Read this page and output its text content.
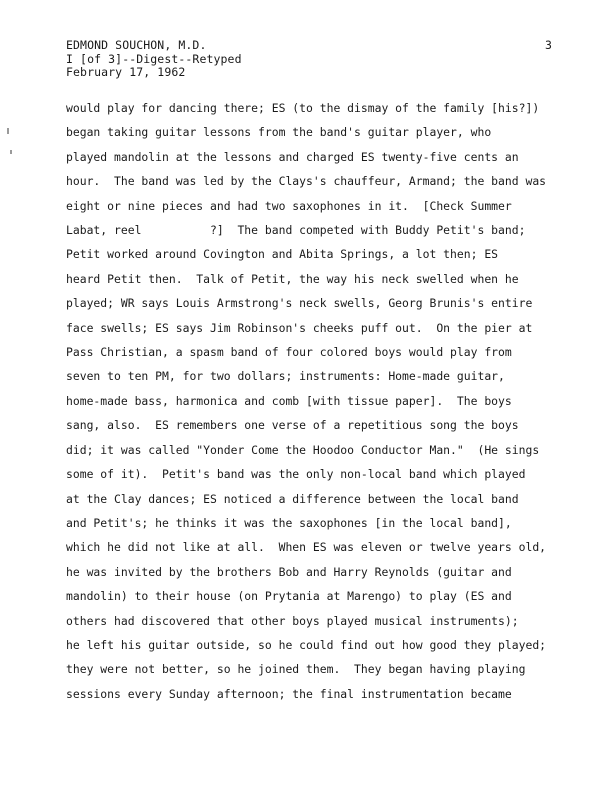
EDMOND SOUCHON, M.D.
I [of 3]--Digest--Retyped
February 17, 1962
3
would play for dancing there; ES (to the dismay of the family [his?])
began taking guitar lessons from the band's guitar player, who
played mandolin at the lessons and charged ES twenty-five cents an
hour.  The band was led by the Clays's chauffeur, Armand; the band was
eight or nine pieces and had two saxophones in it.  [Check Summer
Labat, reel          ?]  The band competed with Buddy Petit's band;
Petit worked around Covington and Abita Springs, a lot then; ES
heard Petit then.  Talk of Petit, the way his neck swelled when he
played; WR says Louis Armstrong's neck swells, Georg Brunis's entire
face swells; ES says Jim Robinson's cheeks puff out.  On the pier at
Pass Christian, a spasm band of four colored boys would play from
seven to ten PM, for two dollars; instruments: Home-made guitar,
home-made bass, harmonica and comb [with tissue paper].  The boys
sang, also.  ES remembers one verse of a repetitious song the boys
did; it was called "Yonder Come the Hoodoo Conductor Man."  (He sings
some of it).  Petit's band was the only non-local band which played
at the Clay dances; ES noticed a difference between the local band
and Petit's; he thinks it was the saxophones [in the local band],
which he did not like at all.  When ES was eleven or twelve years old,
he was invited by the brothers Bob and Harry Reynolds (guitar and
mandolin) to their house (on Prytania at Marengo) to play (ES and
others had discovered that other boys played musical instruments);
he left his guitar outside, so he could find out how good they played;
they were not better, so he joined them.  They began having playing
sessions every Sunday afternoon; the final instrumentation became
